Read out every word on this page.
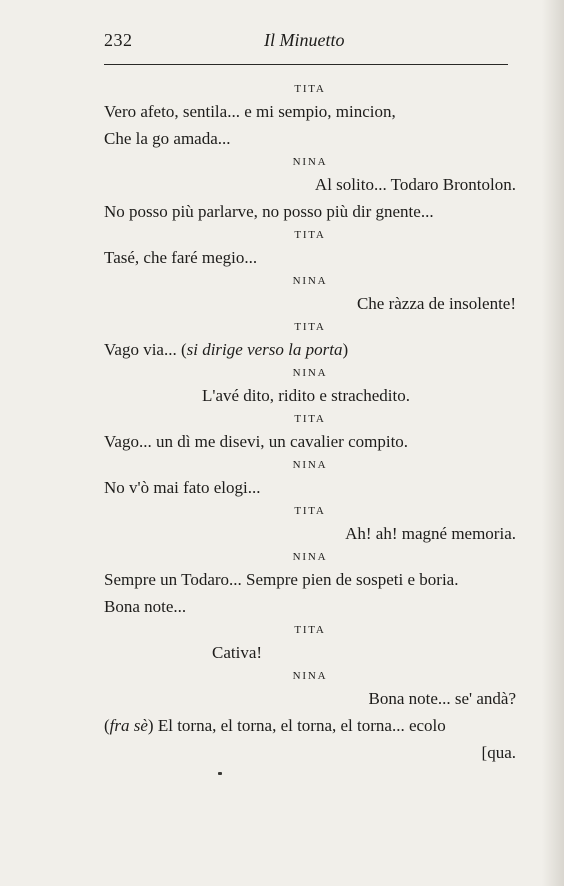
232	Il Minuetto
TITA
Vero afeto, sentila... e mi sempio, mincion,
Che la go amada...
NINA
Al solito... Todaro Brontolon.
No posso più parlarve, no posso più dir gnente...
TITA
Tasé, che faré megio...
NINA
Che ràzza de insolente!
TITA
Vago via... (si dirige verso la porta)
NINA
L'avé dito, ridito e strachedito.
TITA
Vago... un dì me disevi, un cavalier compito.
NINA
No v'ò mai fato elogi...
TITA
Ah! ah! magné memoria.
NINA
Sempre un Todaro... Sempre pien de sospeti e boria.
Bona note...
TITA
Cativa!
NINA
Bona note... se' andà?
(fra sè) El torna, el torna, el torna, el torna... ecolo
[qua.
